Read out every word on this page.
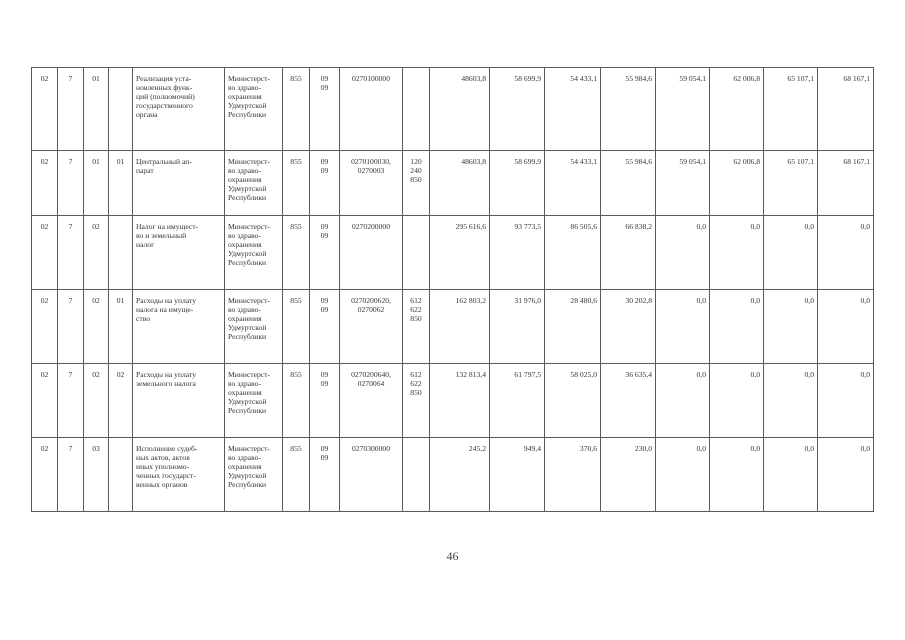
02	7	01		Реализация уста-
новленных функ-
ций (полномочий)
государственного
органа	Министерст-
во здраво-
охранения
Удмуртской
Республики	855	09
09	0270100000		48603,8	58 699,9	54 433,1	55 984,6	59 054,1	62 006,8	65 107,1	68 167,1
02	7	01	01	Центральный ап-
парат	Министерст-
во здраво-
охранения
Удмуртской
Республики	855	09
09	0270100030,
0270003	120
240
850	48603,8	58 699,9	54 433,1	55 984,6	59 054,1	62 006,8	65 107,1	68 167,1
02	7	02		Налог на имущест-
во и земельный
налог	Министерст-
во здраво-
охранения
Удмуртской
Республики	855	09
09	0270200000		295 616,6	93 773,5	86 505,6	66 838,2	0,0	0,0	0,0	0,0
02	7	02	01	Расходы на уплату
налога на имуще-
ство	Министерст-
во здраво-
охранения
Удмуртской
Республики	855	09
09	0270200620,
0270062	612
622
850	162 803,2	31 976,0	28 480,6	30 202,8	0,0	0,0	0,0	0,0
02	7	02	02	Расходы на уплату
земельного налога	Министерст-
во здраво-
охранения
Удмуртской
Республики	855	09
09	0270200640,
0270064	612
622
850	132 813,4	61 797,5	58 025,0	36 635,4	0,0	0,0	0,0	0,0
02	7	03		Исполнение судеб-
ных актов, актов
иных уполномо-
ченных государст-
венных органов	Министерст-
во здраво-
охранения
Удмуртской
Республики	855	09
09	0270300000		245,2	949,4	370,6	230,0	0,0	0,0	0,0	0,0
46
